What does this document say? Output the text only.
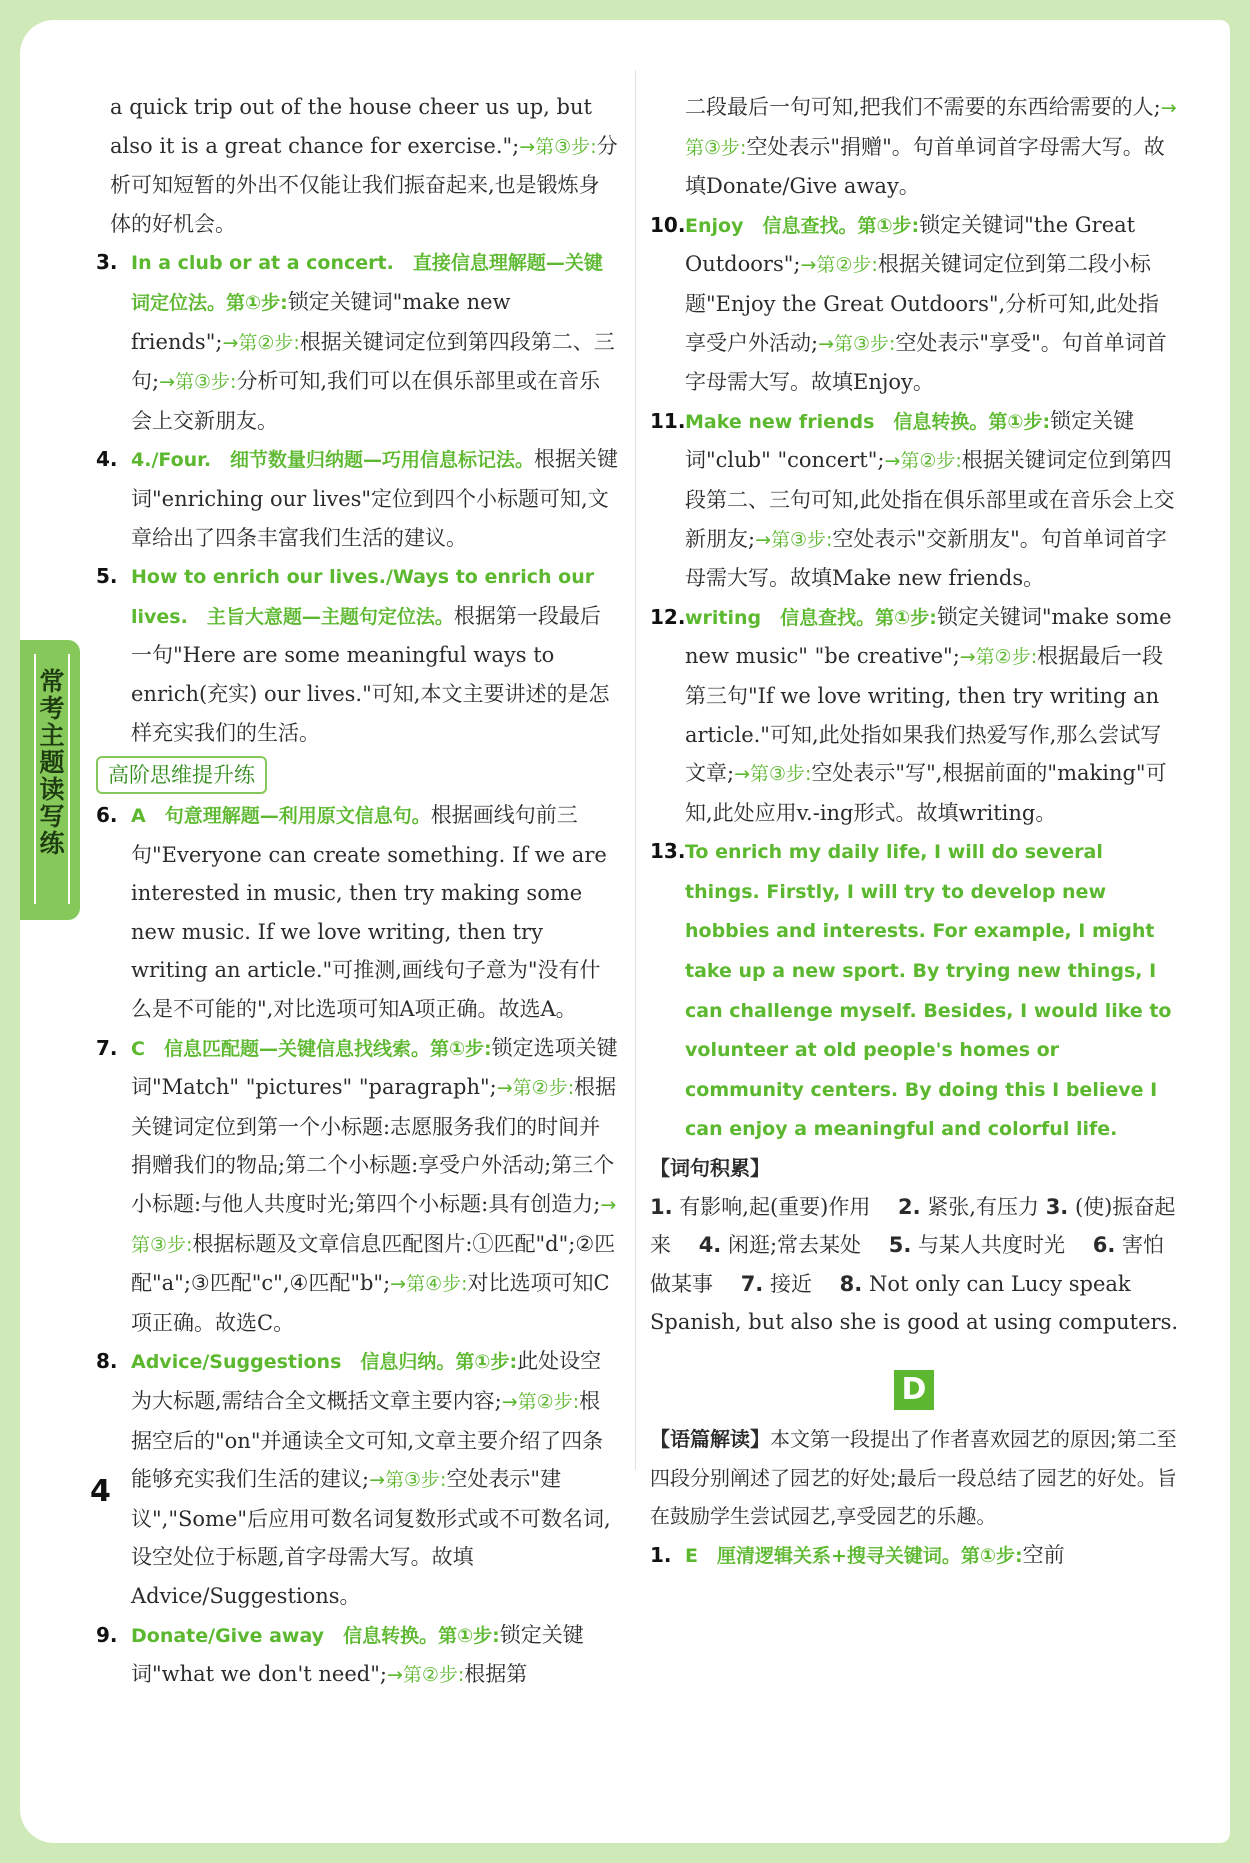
常考主题读写练

a quick trip out of the house cheer us up, but also it is a great chance for exercise.";→第③步:分析可知短暂的外出不仅能让我们振奋起来,也是锻炼身体的好机会。

3. In a club or at a concert.　直接信息理解题—关键词定位法。第①步:锁定关键词"make new friends";→第②步:根据关键词定位到第四段第二、三句;→第③步:分析可知,我们可以在俱乐部里或在音乐会上交新朋友。
4. 4./Four.　细节数量归纳题—巧用信息标记法。根据关键词"enriching our lives"定位到四个小标题可知,文章给出了四条丰富我们生活的建议。
5. How to enrich our lives./Ways to enrich our lives.　主旨大意题—主题句定位法。根据第一段最后一句"Here are some meaningful ways to enrich(充实) our lives."可知,本文主要讲述的是怎样充实我们的生活。
高阶思维提升练
6. A　句意理解题—利用原文信息句。根据画线句前三句"Everyone can create something. If we are interested in music, then try making some new music. If we love writing, then try writing an article."可推测,画线句子意为"没有什么是不可能的",对比选项可知A项正确。故选A。
7. C　信息匹配题—关键信息找线索。第①步:锁定选项关键词"Match" "pictures" "paragraph";→第②步:根据关键词定位到第一个小标题:志愿服务我们的时间并捐赠我们的物品;第二个小标题:享受户外活动;第三个小标题:与他人共度时光;第四个小标题:具有创造力;→第③步:根据标题及文章信息匹配图片:①匹配"d";②匹配"a";③匹配"c",④匹配"b";→第④步:对比选项可知C项正确。故选C。
8. Advice/Suggestions　信息归纳。第①步:此处设空为大标题,需结合全文概括文章主要内容;→第②步:根据空后的"on"并通读全文可知,文章主要介绍了四条能够充实我们生活的建议;→第③步:空处表示"建议","Some"后应用可数名词复数形式或不可数名词,设空处位于标题,首字母需大写。故填Advice/Suggestions。
9. Donate/Give away　信息转换。第①步:锁定关键词"what we don't need";→第②步:根据第

二段最后一句可知,把我们不需要的东西给需要的人;→第③步:空处表示"捐赠"。句首单词首字母需大写。故填Donate/Give away。

10. Enjoy　信息查找。第①步:锁定关键词"the Great Outdoors";→第②步:根据关键词定位到第二段小标题"Enjoy the Great Outdoors",分析可知,此处指享受户外活动;→第③步:空处表示"享受"。句首单词首字母需大写。故填Enjoy。
11. Make new friends　信息转换。第①步:锁定关键词"club" "concert";→第②步:根据关键词定位到第四段第二、三句可知,此处指在俱乐部里或在音乐会上交新朋友;→第③步:空处表示"交新朋友"。句首单词首字母需大写。故填Make new friends。
12. writing　信息查找。第①步:锁定关键词"make some new music" "be creative";→第②步:根据最后一段第三句"If we love writing, then try writing an article."可知,此处指如果我们热爱写作,那么尝试写文章;→第③步:空处表示"写",根据前面的"making"可知,此处应用v.-ing形式。故填writing。
13. To enrich my daily life, I will do several things. Firstly, I will try to develop new hobbies and interests. For example, I might take up a new sport. By trying new things, I can challenge myself. Besides, I would like to volunteer at old people's homes or community centers. By doing this I believe I can enjoy a meaningful and colorful life.
【词句积累】
1. 有影响,起(重要)作用　 2. 紧张,有压力 3. (使)振奋起来　 4. 闲逛;常去某处　 5. 与某人共度时光　 6. 害怕做某事　 7. 接近　 8. Not only can Lucy speak Spanish, but also she is good at using computers.
D

【语篇解读】本文第一段提出了作者喜欢园艺的原因;第二至四段分别阐述了园艺的好处;最后一段总结了园艺的好处。旨在鼓励学生尝试园艺,享受园艺的乐趣。

1. E　厘清逻辑关系+搜寻关键词。第①步:空前
4
